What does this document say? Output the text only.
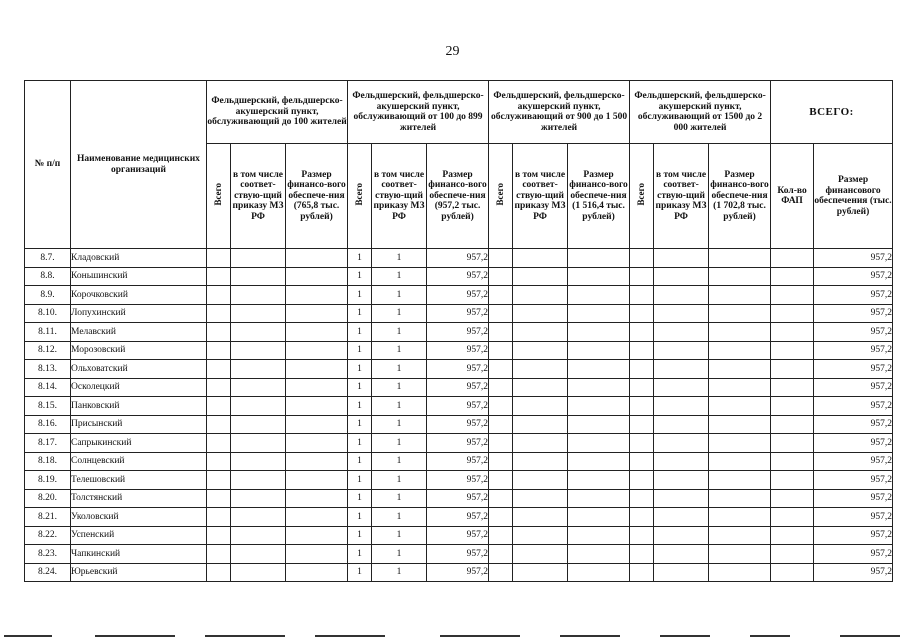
29
№ п/п	Наименование медицинских организаций	Фельдшерский, фельдшерско-акушерский пункт, обслуживающий до 100 жителей			Фельдшерский, фельдшерско-акушерский пункт, обслуживающий от 100 до 899 жителей			Фельдшерский, фельдшерско-акушерский пункт, обслуживающий от 900 до 1 500 жителей			Фельдшерский, фельдшерско-акушерский пункт, обслуживающий от 1500 до 2 000 жителей			ВСЕГО:	
		Всего	в том числе соответ-ствую-щий приказу МЗ РФ	Размер финансо-вого обеспече-ния (765,8 тыс. рублей)	Всего	в том числе соответ-ствую-щий приказу МЗ РФ	Размер финансо-вого обеспече-ния (957,2 тыс. рублей)	Всего	в том числе соответ-ствую-щий приказу МЗ РФ	Размер финансо-вого обеспече-ния (1 516,4 тыс. рублей)	Всего	в том числе соответ-ствую-щий приказу МЗ РФ	Размер финансо-вого обеспече-ния (1 702,8 тыс. рублей)	Кол-во ФАП	Размер финансового обеспечения (тыс. рублей)
8.7.	Кладовский				1	1	957,2								957,2
8.8.	Коньшинский				1	1	957,2								957,2
8.9.	Корочковский				1	1	957,2								957,2
8.10.	Лопухинский				1	1	957,2								957,2
8.11.	Мелавский				1	1	957,2								957,2
8.12.	Морозовский				1	1	957,2								957,2
8.13.	Ольховатский				1	1	957,2								957,2
8.14.	Осколецкий				1	1	957,2								957,2
8.15.	Панковский				1	1	957,2								957,2
8.16.	Присынский				1	1	957,2								957,2
8.17.	Сапрыкинский				1	1	957,2								957,2
8.18.	Солнцевский				1	1	957,2								957,2
8.19.	Телешовский				1	1	957,2								957,2
8.20.	Толстянский				1	1	957,2								957,2
8.21.	Уколовский				1	1	957,2								957,2
8.22.	Успенский				1	1	957,2								957,2
8.23.	Чапкинский				1	1	957,2								957,2
8.24.	Юрьевский				1	1	957,2								957,2
